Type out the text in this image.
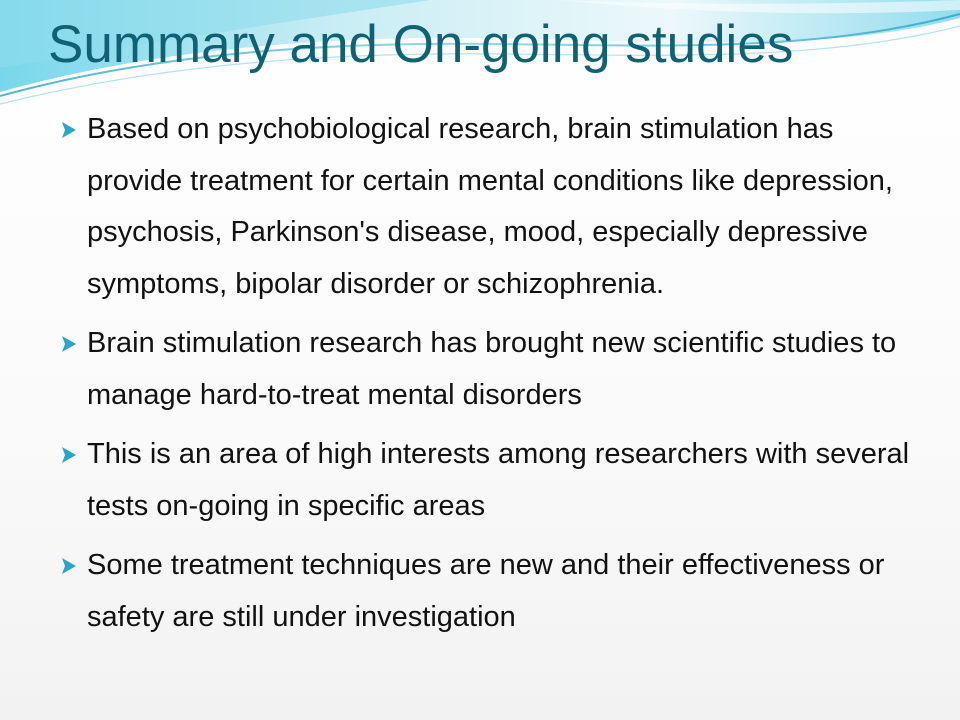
Summary and On-going studies
Based on psychobiological research, brain stimulation has provide treatment for certain mental conditions like depression, psychosis, Parkinson's disease, mood, especially depressive symptoms, bipolar disorder or schizophrenia.
Brain stimulation research has brought new scientific studies to manage hard-to-treat mental disorders
This is an area of high interests among researchers with several tests on-going in specific areas
Some treatment techniques are new and their effectiveness or safety are still under investigation
